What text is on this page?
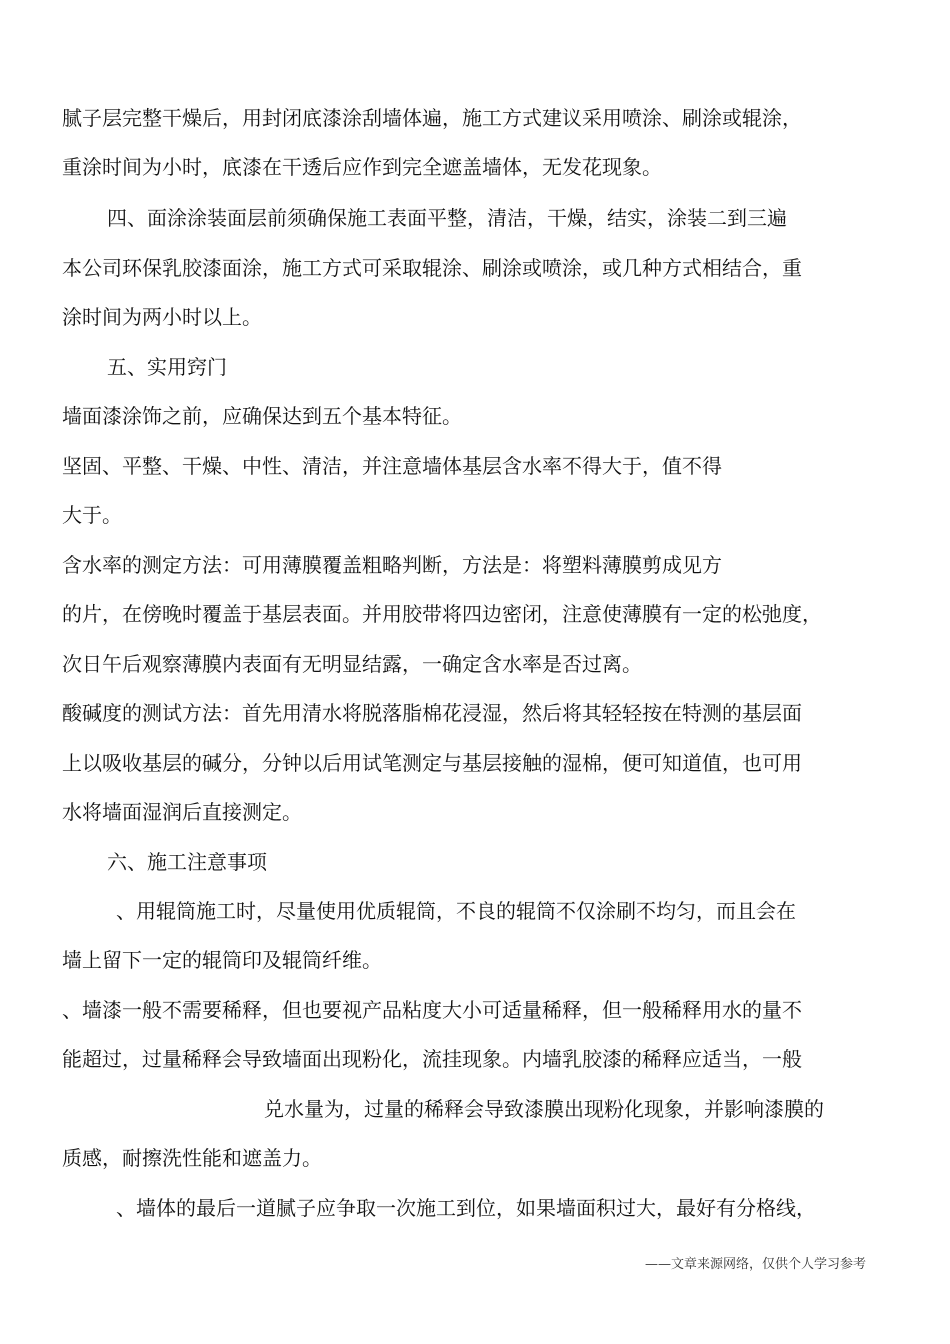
腻子层完整干燥后，用封闭底漆涂刮墙体遍，施工方式建议采用喷涂、刷涂或辊涂，
重涂时间为小时，底漆在干透后应作到完全遮盖墙体，无发花现象。
四、面涂涂装面层前须确保施工表面平整，清洁，干燥，结实，涂装二到三遍
本公司环保乳胶漆面涂，施工方式可采取辊涂、刷涂或喷涂，或几种方式相结合，重
涂时间为两小时以上。
五、实用窍门
墙面漆涂饰之前，应确保达到五个基本特征。
坚固、平整、干燥、中性、清洁，并注意墙体基层含水率不得大于，值不得
大于。
含水率的测定方法：可用薄膜覆盖粗略判断，方法是：将塑料薄膜剪成见方
的片，在傍晚时覆盖于基层表面。并用胶带将四边密闭，注意使薄膜有一定的松弛度，
次日午后观察薄膜内表面有无明显结露，一确定含水率是否过离。
酸碱度的测试方法：首先用清水将脱落脂棉花浸湿，然后将其轻轻按在特测的基层面
上以吸收基层的碱分，分钟以后用试笔测定与基层接触的湿棉，便可知道值，也可用
水将墙面湿润后直接测定。
六、施工注意事项
、用辊筒施工时，尽量使用优质辊筒，不良的辊筒不仅涂刷不均匀，而且会在
墙上留下一定的辊筒印及辊筒纤维。
、墙漆一般不需要稀释，但也要视产品粘度大小可适量稀释，但一般稀释用水的量不
能超过，过量稀释会导致墙面出现粉化，流挂现象。内墙乳胶漆的稀释应适当，一般
兑水量为，过量的稀释会导致漆膜出现粉化现象，并影响漆膜的
质感，耐擦洗性能和遮盖力。
、墙体的最后一道腻子应争取一次施工到位，如果墙面积过大，最好有分格线，
——文章来源网络，仅供个人学习参考
